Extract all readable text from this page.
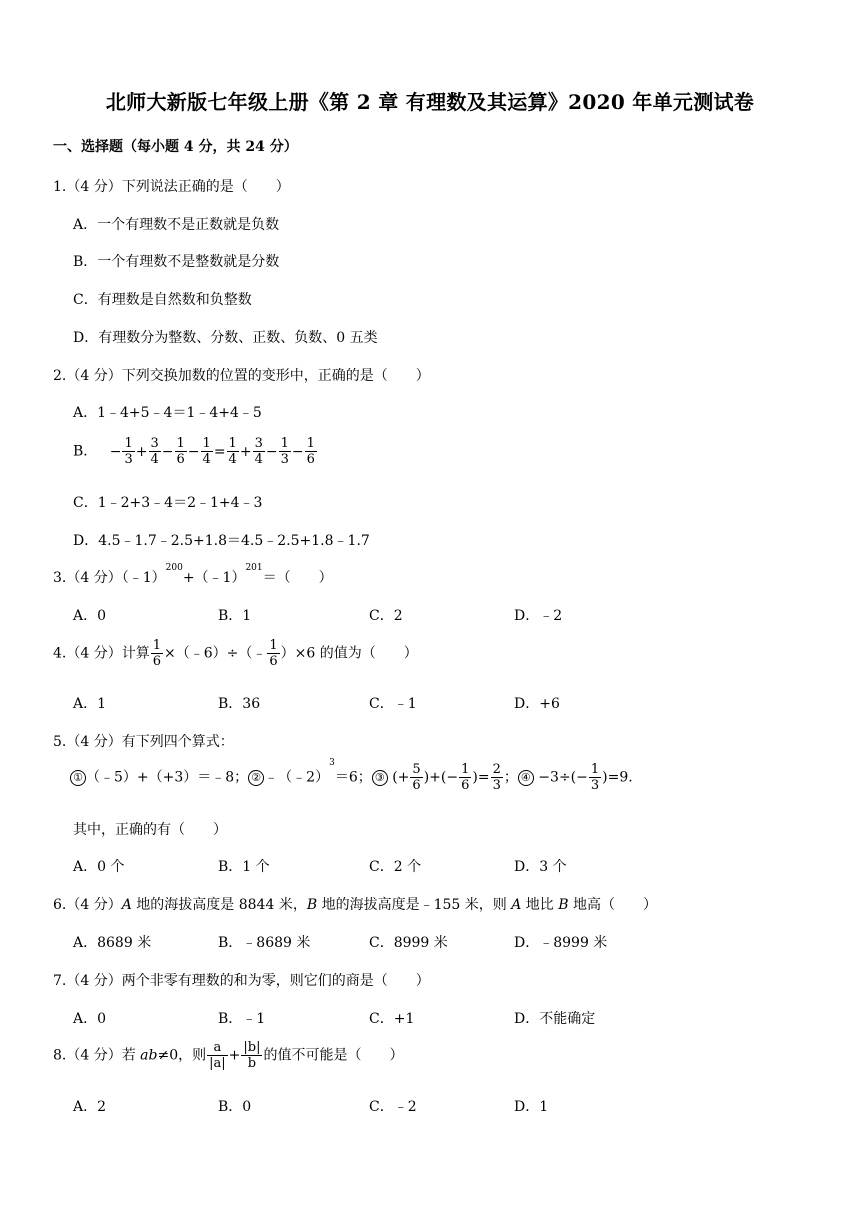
北师大新版七年级上册《第 2 章 有理数及其运算》2020 年单元测试卷
一、选择题（每小题 4 分，共 24 分）
1.（4 分）下列说法正确的是（　　）
A．一个有理数不是正数就是负数
B．一个有理数不是整数就是分数
C．有理数是自然数和负整数
D．有理数分为整数、分数、正数、负数、0 五类
2.（4 分）下列交换加数的位置的变形中，正确的是（　　）
A．1﹣4+5﹣4＝1﹣4+4﹣5
B． − $\frac{1}{3} + \frac{3}{4} - \frac{1}{6} - \frac{1}{4} = \frac{1}{4} + \frac{3}{4} - \frac{1}{3} - \frac{1}{6}$
C．1﹣2+3﹣4＝2﹣1+4﹣3
D．4.5﹣1.7﹣2.5+1.8＝4.5﹣2.5+1.8﹣1.7
3.（4 分）（﹣1）$^{200}$+（﹣1）$^{201}$＝（　　）
A．0	B．1	C．2	D．﹣2
4.（4 分）计算 $\frac{1}{6}$ ×（﹣6）÷（﹣ $\frac{1}{6} )\times 6$ 的值为（　　）
A．1	B．36	C．﹣1	D．+6
5.（4 分）有下列四个算式：
① （﹣5）+（+3）＝﹣8； ② ﹣（﹣2）$^3$＝6； ③ (+ $\frac{5}{6}$ )+(− $\frac{1}{6}$ )= $\frac{2}{3}$ ； ④ $-3\div(- \frac{1}{3} )=9$.
其中，正确的有（　　）
A．0 个	B．1 个	C．2 个	D．3 个
6.（4 分）A 地的海拔高度是 8844 米，B 地的海拔高度是﹣155 米，则 A 地比 B 地高（　　）
A．8689 米	B．﹣8689 米	C．8999 米	D．﹣8999 米
7.（4 分）两个非零有理数的和为零，则它们的商是（　　）
A．0	B．﹣1	C．+1	D．不能确定
8.（4 分）若 ab≠0，则 $\frac{a}{|a|} + \frac{|b|}{b}$ 的值不可能是（　　）
A．2	B．0	C．﹣2	D．1
